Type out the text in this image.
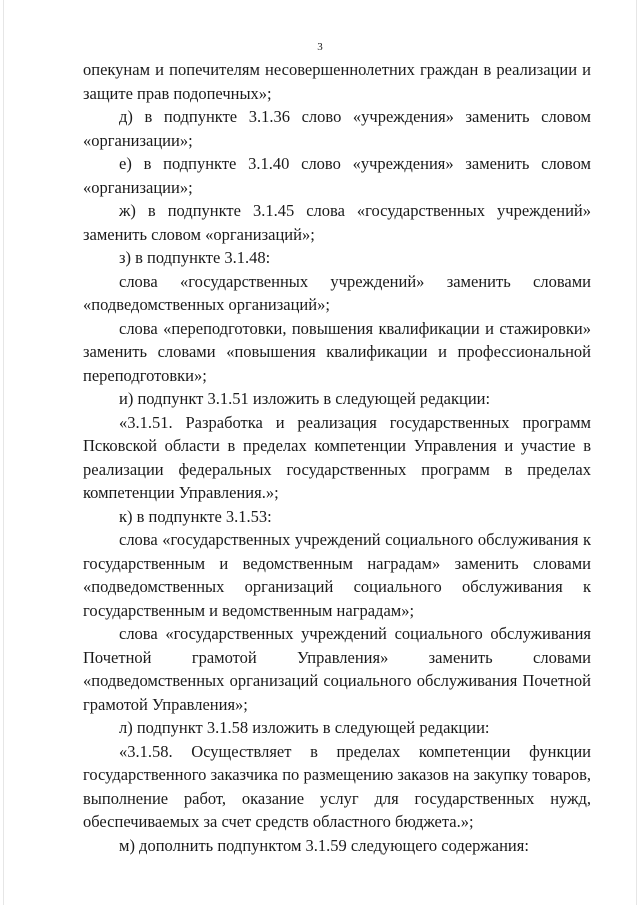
3

опекунам и попечителям несовершеннолетних граждан в реализации и защите прав подопечных»;

д) в подпункте 3.1.36 слово «учреждения» заменить словом «организации»;

е) в подпункте 3.1.40 слово «учреждения» заменить словом «организации»;

ж) в подпункте 3.1.45 слова «государственных учреждений» заменить словом «организаций»;

з) в подпункте 3.1.48:

слова «государственных учреждений» заменить словами «подведомственных организаций»;

слова «переподготовки, повышения квалификации и стажировки» заменить словами «повышения квалификации и профессиональной переподготовки»;

и) подпункт 3.1.51 изложить в следующей редакции:

«3.1.51. Разработка и реализация государственных программ Псковской области в пределах компетенции Управления и участие в реализации федеральных государственных программ в пределах компетенции Управления.»;

к) в подпункте 3.1.53:

слова «государственных учреждений социального обслуживания к государственным и ведомственным наградам» заменить словами «подведомственных организаций социального обслуживания к государственным и ведомственным наградам»;

слова «государственных учреждений социального обслуживания Почетной грамотой Управления» заменить словами «подведомственных организаций социального обслуживания Почетной грамотой Управления»;

л) подпункт 3.1.58 изложить в следующей редакции:

«3.1.58. Осуществляет в пределах компетенции функции государственного заказчика по размещению заказов на закупку товаров, выполнение работ, оказание услуг для государственных нужд, обеспечиваемых за счет средств областного бюджета.»;

м) дополнить подпунктом 3.1.59 следующего содержания:
